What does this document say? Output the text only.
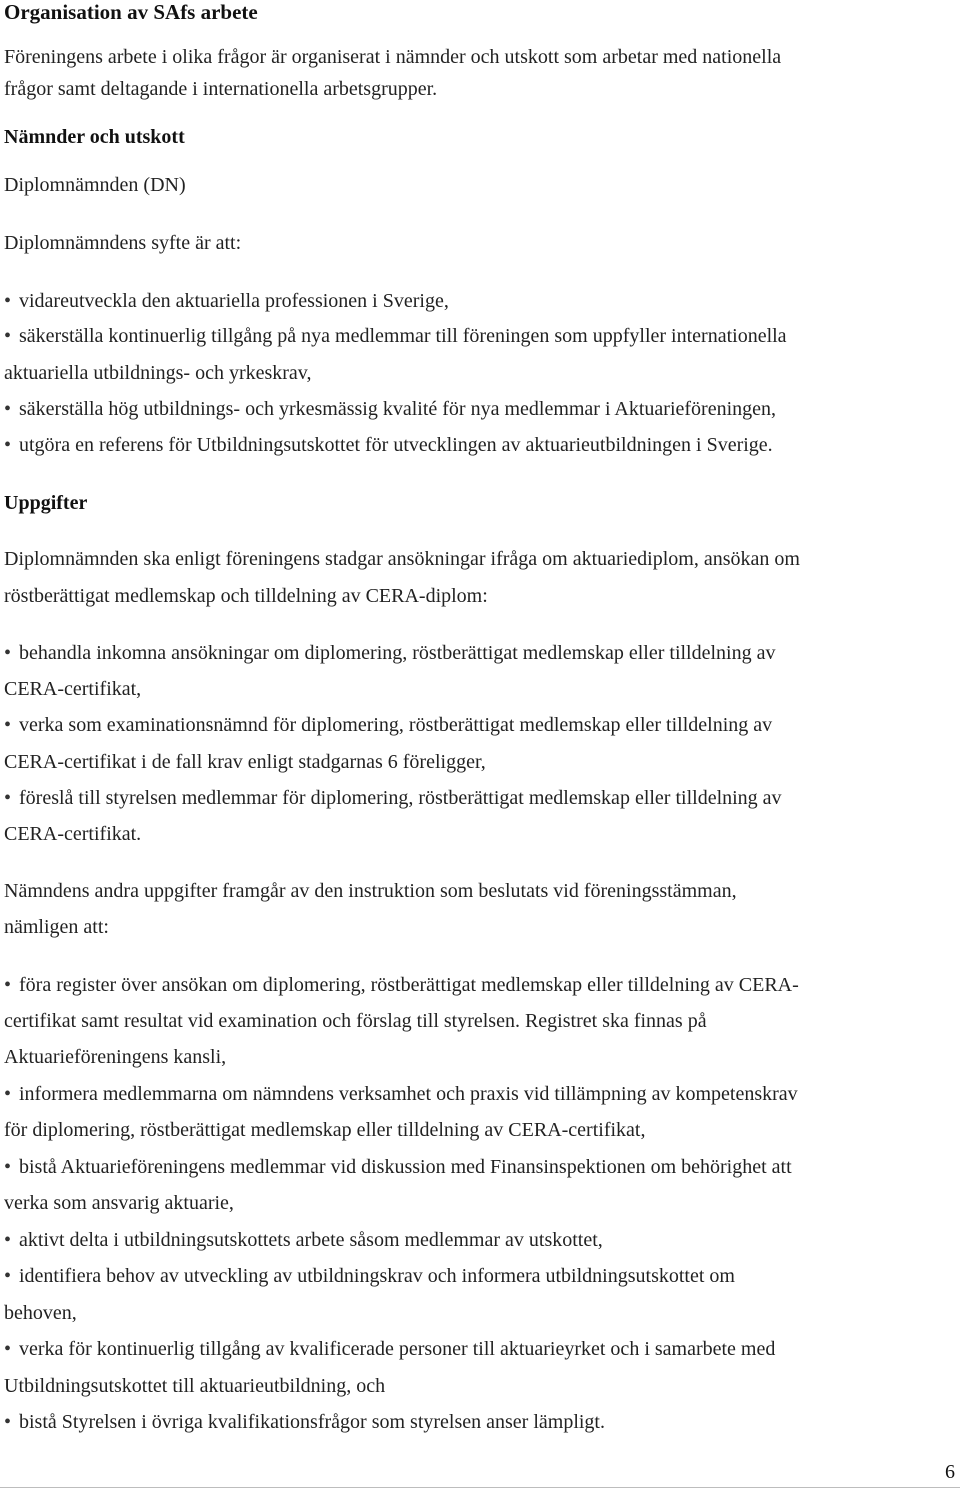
Organisation av SAfs arbete
Föreningens arbete i olika frågor är organiserat i nämnder och utskott som arbetar med nationella
frågor samt deltagande i internationella arbetsgrupper.
Nämnder och utskott
Diplomnämnden (DN)
Diplomnämndens syfte är att:
• vidareutveckla den aktuariella professionen i Sverige,
• säkerställa kontinuerlig tillgång på nya medlemmar till föreningen som uppfyller internationella
aktuariella utbildnings- och yrkeskrav,
• säkerställa hög utbildnings- och yrkesmässig kvalité för nya medlemmar i Aktuarieföreningen,
• utgöra en referens för Utbildningsutskottet för utvecklingen av aktuarieutbildningen i Sverige.
Uppgifter
Diplomnämnden ska enligt föreningens stadgar ansökningar ifråga om aktuariediplom, ansökan om
röstberättigat medlemskap och tilldelning av CERA-diplom:
• behandla inkomna ansökningar om diplomering, röstberättigat medlemskap eller tilldelning av
CERA-certifikat,
• verka som examinationsnämnd för diplomering, röstberättigat medlemskap eller tilldelning av
CERA-certifikat i de fall krav enligt stadgarnas 6 föreligger,
• föreslå till styrelsen medlemmar för diplomering, röstberättigat medlemskap eller tilldelning av
CERA-certifikat.
Nämndens andra uppgifter framgår av den instruktion som beslutats vid föreningsstämman,
nämligen att:
• föra register över ansökan om diplomering, röstberättigat medlemskap eller tilldelning av CERA-
certifikat samt resultat vid examination och förslag till styrelsen. Registret ska finnas på
Aktuarieföreningens kansli,
• informera medlemmarna om nämndens verksamhet och praxis vid tillämpning av kompetenskrav
för diplomering, röstberättigat medlemskap eller tilldelning av CERA-certifikat,
• bistå Aktuarieföreningens medlemmar vid diskussion med Finansinspektionen om behörighet att
verka som ansvarig aktuarie,
• aktivt delta i utbildningsutskottets arbete såsom medlemmar av utskottet,
• identifiera behov av utveckling av utbildningskrav och informera utbildningsutskottet om
behoven,
• verka för kontinuerlig tillgång av kvalificerade personer till aktuarieyrket och i samarbete med
Utbildningsutskottet till aktuarieutbildning, och
• bistå Styrelsen i övriga kvalifikationsfrågor som styrelsen anser lämpligt.
6
